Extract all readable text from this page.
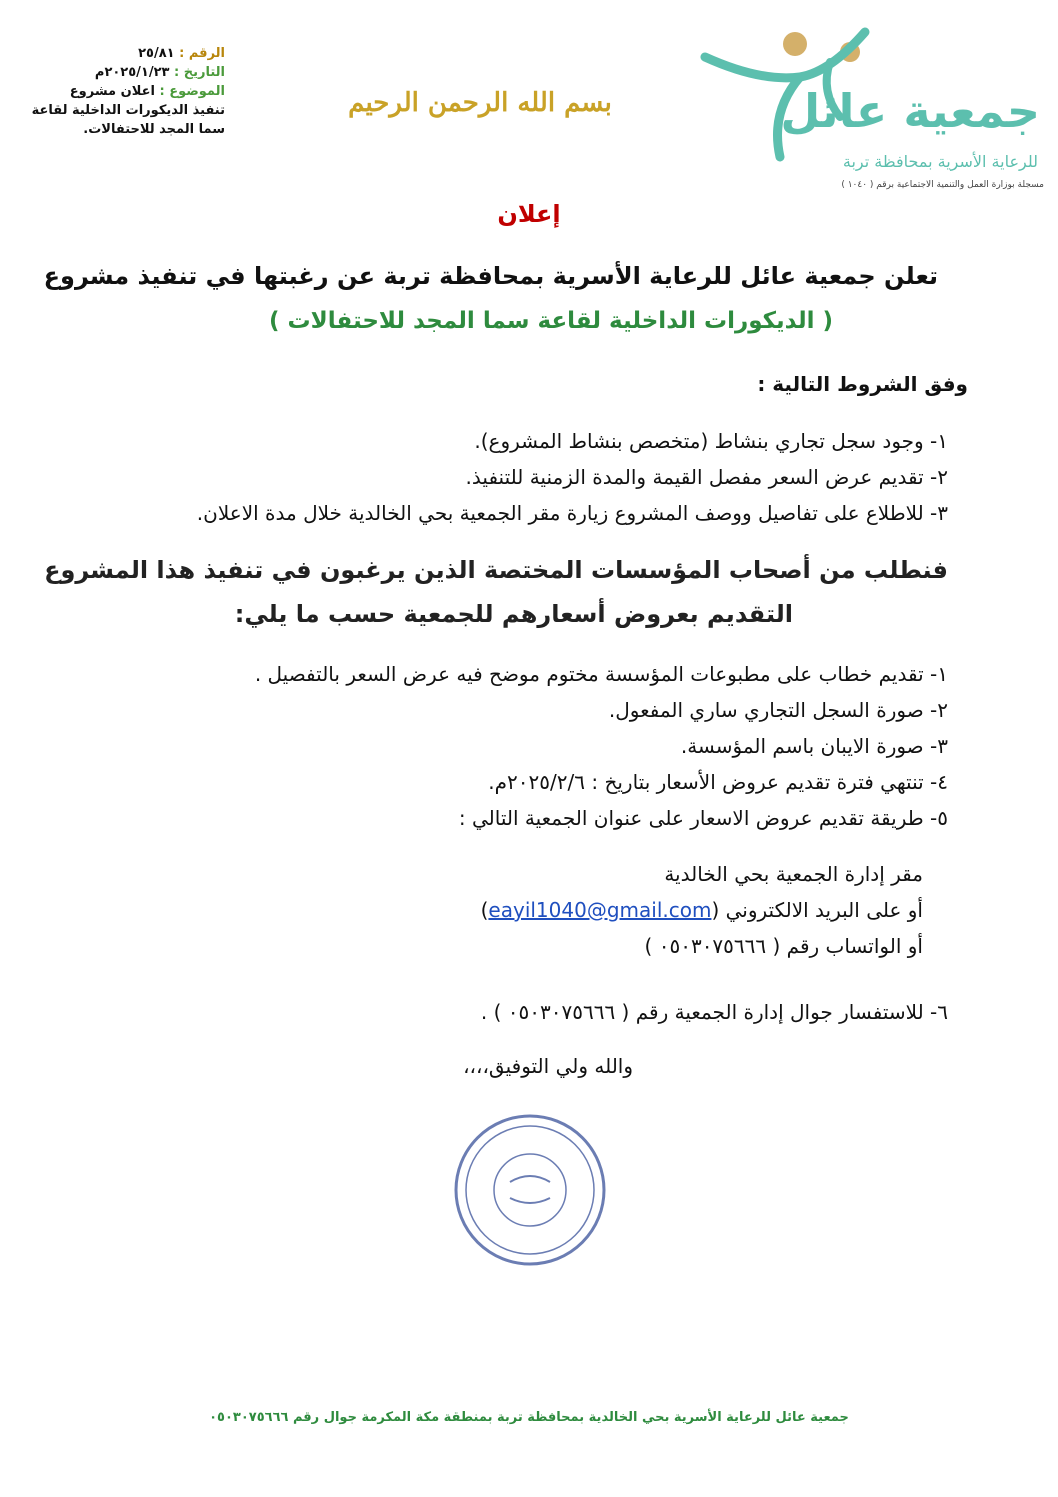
الرقم : ٢٥/٨١
التاريخ : ٢٠٢٥/١/٢٣م
الموضوع : اعلان مشروع
تنفيذ الديكورات الداخلية لقاعة
سما المجد للاحتفالات.
بسم الله الرحمن الرحيم	جمعية عائل
للرعاية الأسرية بمحافظة تربة
مسجلة بوزارة العمل والتنمية الاجتماعية برقم ( ١٠٤٠ )
إعلان
تعلن جمعية عائل للرعاية الأسرية بمحافظة تربة عن رغبتها في تنفيذ مشروع
( الديكورات الداخلية لقاعة سما المجد للاحتفالات )
وفق الشروط التالية :
١- وجود سجل تجاري بنشاط (متخصص بنشاط المشروع).
٢- تقديم عرض السعر مفصل القيمة والمدة الزمنية للتنفيذ.
٣- للاطلاع على تفاصيل ووصف المشروع زيارة مقر الجمعية بحي الخالدية خلال مدة الاعلان.
فنطلب من أصحاب المؤسسات المختصة الذين يرغبون في تنفيذ هذا المشروع
التقديم بعروض أسعارهم للجمعية حسب ما يلي:
١- تقديم خطاب على مطبوعات المؤسسة مختوم موضح فيه عرض السعر بالتفصيل .
٢- صورة السجل التجاري ساري المفعول.
٣- صورة الايبان باسم المؤسسة.
٤- تنتهي فترة تقديم عروض الأسعار بتاريخ : ٢٠٢٥/٢/٦م.
٥- طريقة تقديم عروض الاسعار على عنوان الجمعية التالي :
مقر إدارة الجمعية بحي الخالدية
أو على البريد الالكتروني (eayil1040@gmail.com)
أو الواتساب رقم ( ٠٥٠٣٠٧٥٦٦٦ )
٦- للاستفسار جوال إدارة الجمعية رقم ( ٠٥٠٣٠٧٥٦٦٦ ) .
والله ولي التوفيق،،،،
جمعية عائل للرعاية الأسرية بحي الخالدية بمحافظة تربة بمنطقة مكة المكرمة جوال رقم ٠٥٠٣٠٧٥٦٦٦
